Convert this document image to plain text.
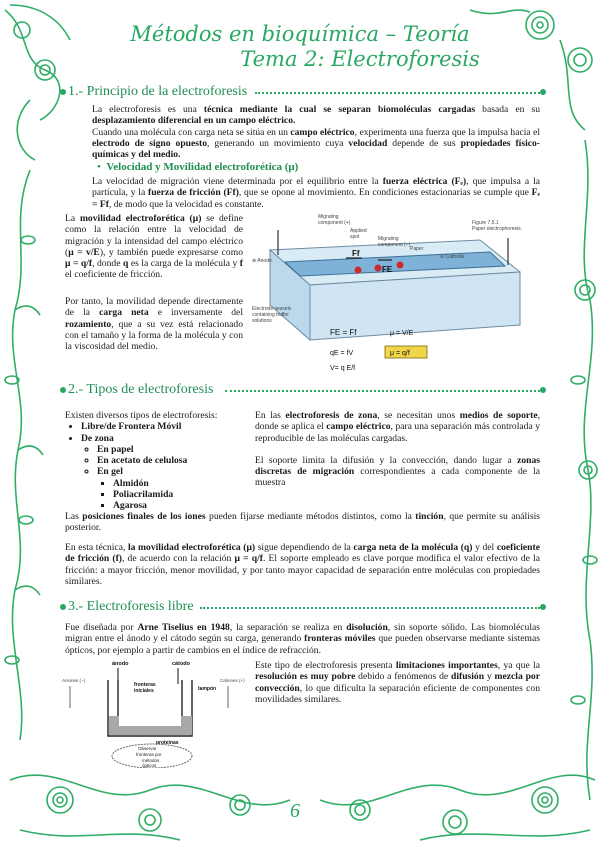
Métodos en bioquímica – Teoría
Tema 2: Electroforesis
1.- Principio de la electroforesis

La electroforesis es una técnica mediante la cual se separan biomoléculas cargadas basada en su desplazamiento diferencial en un campo eléctrico.

Cuando una molécula con carga neta se sitúa en un campo eléctrico, experimenta una fuerza que la impulsa hacia el electrodo de signo opuesto, generando un movimiento cuya velocidad depende de sus propiedades físico-químicas y del medio.

•  Velocidad y Movilidad electroforética (μ)

La velocidad de migración viene determinada por el equilibrio entre la fuerza eléctrica (Fₑ), que impulsa a la partícula, y la fuerza de fricción (Ff), que se opone al movimiento. En condiciones estacionarias se cumple que Fₑ = Ff, de modo que la velocidad es constante.

La movilidad electroforética (μ) se define como la relación entre la velocidad de migración y la intensidad del campo eléctrico (μ = v/E), y también puede expresarse como μ = q/f, donde q es la carga de la molécula y f el coeficiente de fricción.

Por tanto, la movilidad depende directamente de la carga neta e inversamente del rozamiento, que a su vez está relacionado con el tamaño y la forma de la molécula y con la viscosidad del medio.

Ff
FE
Migrating
component (+)
Applied
spot	Migrating
component (−)
⊕ Anode
Paper
⊖ Cathode
Electrode vessels
containing buffer
solutions
Figure 7.5.1
Paper electrophoresis.
FE = Ff	μ = V/E
qE = fV	μ = q/f
V= q E/f
2.- Tipos de electroforesis

Existen diversos tipos de electroforesis:

• Libre/de Frontera Móvil
• De zona
◦ En papel
◦ En acetato de celulosa
◦ En gel
▪ Almidón
▪ Poliacrilamida
▪ Agarosa

En las electroforesis de zona, se necesitan unos medios de soporte, donde se aplica el campo eléctrico, para una separación más controlada y reproducible de las moléculas cargadas.

El soporte limita la difusión y la convección, dando lugar a zonas discretas de migración correspondientes a cada componente de la muestra

Las posiciones finales de los iones pueden fijarse mediante métodos distintos, como la tinción, que permite su análisis posterior.

En esta técnica, la movilidad electroforética (μ) sigue dependiendo de la carga neta de la molécula (q) y del coeficiente de fricción (f), de acuerdo con la relación μ = q/f. El soporte empleado es clave porque modifica el valor efectivo de la fricción: a mayor fricción, menor movilidad, y por tanto mayor capacidad de separación entre moléculas con propiedades similares.

3.- Electroforesis libre

Fue diseñada por Arne Tiselius en 1948, la separación se realiza en disolución, sin soporte sólido. Las biomoléculas migran entre el ánodo y el cátodo según su carga, generando fronteras móviles que pueden observarse mediante sistemas ópticos, por ejemplo a partir de cambios en el índice de refracción.

ánodo	cátodo
fronteras
iniciales	tampón
Aniones (−)	Cationes (+)
proteínas
Observar
fronteras por
métodos
ópticos

Este tipo de electroforesis presenta limitaciones importantes, ya que la resolución es muy pobre debido a fenómenos de difusión y mezcla por convección, lo que dificulta la separación eficiente de componentes con movilidades similares.

6
